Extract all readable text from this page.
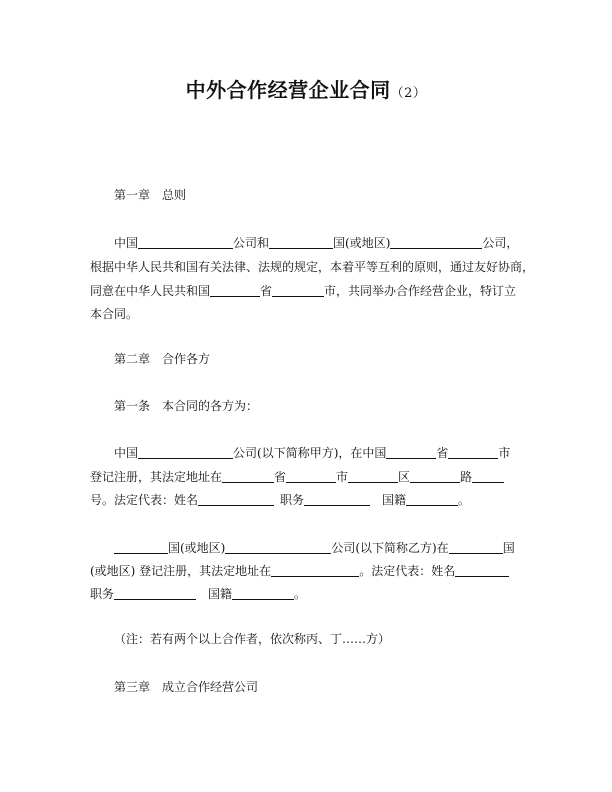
中外合作经营企业合同（2）
第一章　总则
中国	公司和	国(或地区)	公司，
根据中华人民共和国有关法律、法规的规定，本着平等互利的原则，通过友好协商，
同意在中华人民共和国	省	市，共同举办合作经营企业，特订立
本合同。
第二章　合作各方
第一条　本合同的各方为：
中国	公司(以下简称甲方)，在中国	省	市
登记注册，其法定地址在	省	市	区	路
号。法定代表：姓名	职务	国籍	。
国(或地区)	公司(以下简称乙方)在	国
(或地区) 登记注册，其法定地址在	。法定代表：姓名
职务	国籍	。
（注：若有两个以上合作者，依次称丙、丁……方）
第三章　成立合作经营公司
